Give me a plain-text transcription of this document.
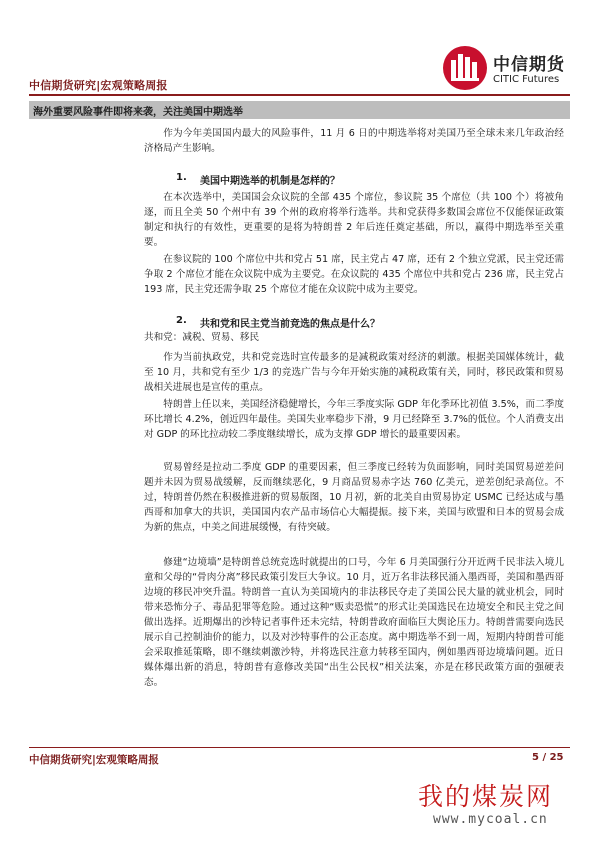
中信期货研究|宏观策略周报
中信期货
CITIC Futures
海外重要风险事件即将来袭，关注美国中期选举
作为今年美国国内最大的风险事件，11 月 6 日的中期选举将对美国乃至全球未来几年政治经济格局产生影响。
1. 美国中期选举的机制是怎样的？
在本次选举中，美国国会众议院的全部 435 个席位，参议院 35 个席位（共 100 个）将被角逐，而且全美 50 个州中有 39 个州的政府将举行选举。共和党获得多数国会席位不仅能保证政策制定和执行的有效性，更重要的是将为特朗普 2 年后连任奠定基础，所以，赢得中期选举至关重要。
在参议院的 100 个席位中共和党占 51 席，民主党占 47 席，还有 2 个独立党派，民主党还需争取 2 个席位才能在众议院中成为主要党。在众议院的 435 个席位中共和党占 236 席，民主党占 193 席，民主党还需争取 25 个席位才能在众议院中成为主要党。
2. 共和党和民主党当前竞选的焦点是什么？
共和党：减税、贸易、移民
作为当前执政党，共和党竞选时宣传最多的是减税政策对经济的刺激。根据美国媒体统计，截至 10 月，共和党有至少 1/3 的竞选广告与今年开始实施的减税政策有关，同时，移民政策和贸易战相关进展也是宣传的重点。
特朗普上任以来，美国经济稳健增长，今年三季度实际 GDP 年化季环比初值 3.5%，而二季度环比增长 4.2%，创近四年最佳。美国失业率稳步下滑，9 月已经降至 3.7%的低位。个人消费支出对 GDP 的环比拉动较二季度继续增长，成为支撑 GDP 增长的最重要因素。
贸易曾经是拉动二季度 GDP 的重要因素，但三季度已经转为负面影响，同时美国贸易逆差问题并未因为贸易战缓解，反而继续恶化，9 月商品贸易赤字达 760 亿美元，逆差创纪录高位。不过，特朗普仍然在积极推进新的贸易版图，10 月初，新的北美自由贸易协定 USMC 已经达成与墨西哥和加拿大的共识，美国国内农产品市场信心大幅提振。接下来，美国与欧盟和日本的贸易会成为新的焦点，中美之间进展缓慢，有待突破。
修建“边境墙”是特朗普总统竞选时就提出的口号，今年 6 月美国强行分开近两千民非法入境儿童和父母的“骨肉分离”移民政策引发巨大争议。10 月，近万名非法移民涌入墨西哥，美国和墨西哥边境的移民冲突升温。特朗普一直认为美国境内的非法移民夺走了美国公民大量的就业机会，同时带来恐怖分子、毒品犯罪等危险。通过这种“贩卖恐慌”的形式让美国选民在边境安全和民主党之间做出选择。近期爆出的沙特记者事件还未完结，特朗普政府面临巨大舆论压力。特朗普需要向选民展示自己控制油价的能力，以及对沙特事件的公正态度。离中期选举不到一周，短期内特朗普可能会采取推延策略，即不继续刺激沙特，并将选民注意力转移至国内，例如墨西哥边境墙问题。近日媒体爆出新的消息，特朗普有意修改美国“出生公民权”相关法案，亦是在移民政策方面的强硬表态。
中信期货研究|宏观策略周报	5 / 25
我的煤炭网
www.mycoal.cn
